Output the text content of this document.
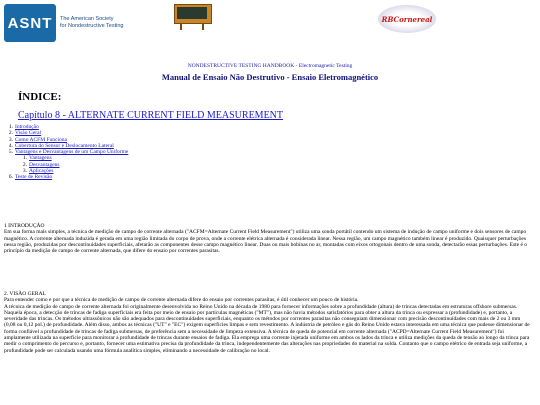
ASNT	The American Society
for Nondestructive Testing
RBCornereal
NONDESTRUCTIVE TESTING HANDBOOK - Electromagnetic Testing
Manual de Ensaio Não Destrutivo - Ensaio Eletromagnético
ÍNDICE:
Capítulo 8 - ALTERNATE CURRENT FIELD MEASUREMENT
1. Introdução
2. Visão Geral
3. Como ACFM Funciona
4. Cobertura do Sensor e Deslocamento Lateral
5. Vantagens e Desvantagens de um Campo Uniforme
1. Vantagens
2. Desvantagens
3. Aplicações
6. Teste de Revisão

1 INTRODUÇÃO

Em sua forma mais simples, a técnica de medição de campo de corrente alternada ("ACFM=Alternate Current Field Measurement") utiliza uma sonda portátil contendo um sistema de indução de campo uniforme e dois sensores de campo magnético. A corrente alternada induzida é gerada em uma região limitada do corpo de prova, onde a corrente elétrica alternada é considerada linear. Nessa região, um campo magnético também linear é produzido. Quaisquer perturbações nessa região, produzidas por descontinuidades superficiais, afetarão as componentes desse campo magnético linear. Duas ou mais bobinas no ar, montadas com eixos ortogonais dentro de uma sonda, detectarão essas perturbações. Este é o princípio da medição de campo de corrente alternada, que difere do ensaio por correntes parasitas.

2. VISÃO GERAL

Para entender como e por que a técnica de medição de campo de corrente alternada difere do ensaio por correntes parasitas, é útil conhecer um pouco de história.

A técnica de medição de campo de corrente alternada foi originalmente desenvolvida no Reino Unido na década de 1980 para fornecer informações sobre a profundidade (altura) de trincas detectadas em estruturas offshore submersas. Naquela época, a detecção de trincas de fadiga superficiais era feita por meio de ensaio por partículas magnéticas ("MT"), mas não havia métodos satisfatórios para obter a altura da trinca ou expressar a (profundidade) e, portanto, a severidade das trincas. Os métodos ultrassônicos não são adequados para descontinuidades superficiais, enquanto os métodos por correntes parasitas não conseguiam dimensionar com precisão descontinuidades com mais de 2 ou 3 mm (0,08 ou 0,12 pol.) de profundidade. Além disso, ambos as técnicas ("UT" e "EC") exigem superfícies limpas e sem revestimento. A indústria de petróleo e gás do Reino Unido estava interessada em uma técnica que pudesse dimensionar de forma confiável a profundidade de trincas de fadiga submersas, de preferência sem a necessidade de limpeza extensiva. A técnica de queda de potencial em corrente alternada ("ACPD=Alternate Current Field Measurement") foi amplamente utilizada na superfície para monitorar a profundidade de trincas durante ensaios de fadiga. Ela emprega uma corrente injetada uniforme em ambos os lados da trinca e utiliza medições da queda de tensão ao longo da trinca para medir o comprimento do percurso e, portanto, fornecer uma estimativa precisa da profundidade da trinca, independentemente das alterações nas propriedades do material na solda. Contanto que o campo elétrico de entrada seja uniforme, a profundidade pode ser calculada usando uma fórmula analítica simples, eliminando a necessidade de calibração no local.
